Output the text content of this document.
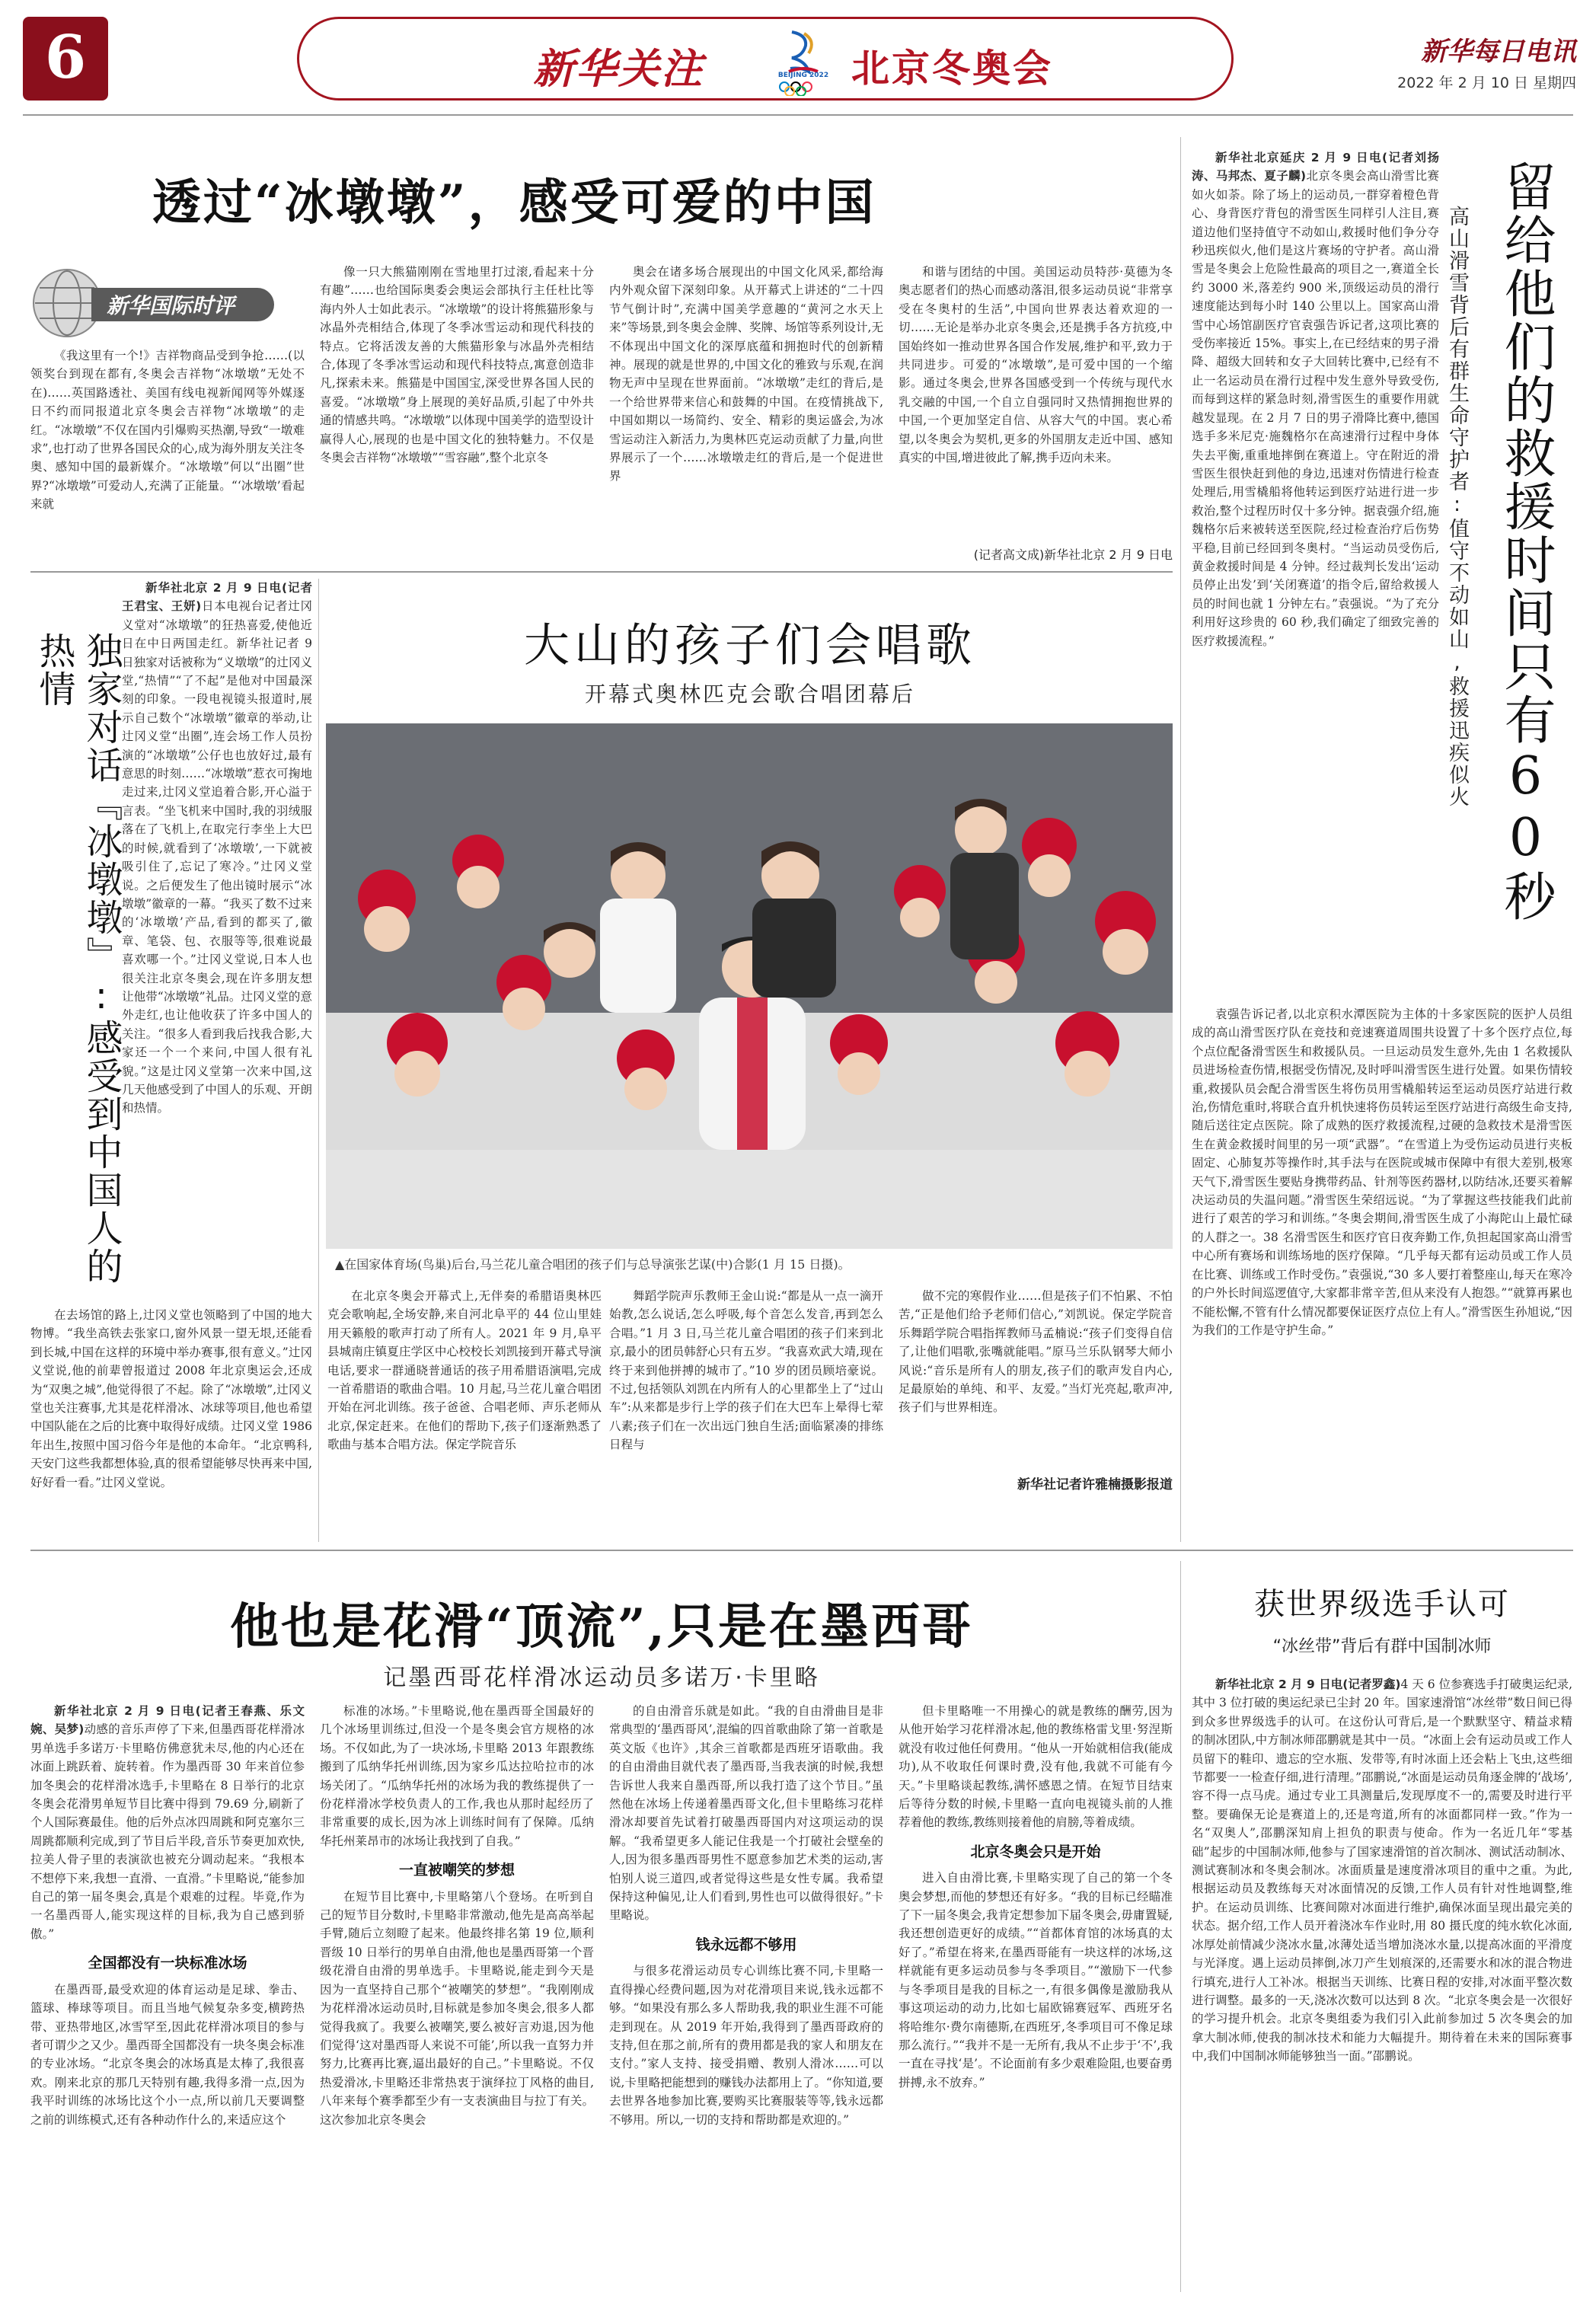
6	新华关注	BEIJING 2022 北京冬奥会	新华每日电讯
2022 年 2 月 10 日 星期四
透过“冰墩墩”，感受可爱的中国
新华国际时评

《我这里有一个!》吉祥物商品受到争抢……(以领奖台到现在都有,冬奥会吉祥物“冰墩墩”无处不在)……英国路透社、美国有线电视新闻网等外媒逐日不约而同报道北京冬奥会吉祥物“冰墩墩”的走红。“冰墩墩”不仅在国内引爆购买热潮,导致“一墩难求”,也打动了世界各国民众的心,成为海外朋友关注冬奥、感知中国的最新媒介。“冰墩墩”何以“出圈”世界?“冰墩墩”可爱动人,充满了正能量。“‘冰墩墩’看起来就

像一只大熊猫刚刚在雪地里打过滚,看起来十分有趣”……也给国际奥委会奥运会部执行主任杜比等海内外人士如此表示。“冰墩墩”的设计将熊猫形象与冰晶外壳相结合,体现了冬季冰雪运动和现代科技的特点。它将活泼友善的大熊猫形象与冰晶外壳相结合,体现了冬季冰雪运动和现代科技特点,寓意创造非凡,探索未来。熊猫是中国国宝,深受世界各国人民的喜爱。“冰墩墩”身上展现的美好品质,引起了中外共通的情感共鸣。“冰墩墩”以体现中国美学的造型设计赢得人心,展现的也是中国文化的独特魅力。不仅是冬奥会吉祥物“冰墩墩”“雪容融”,整个北京冬

奥会在诸多场合展现出的中国文化风采,都给海内外观众留下深刻印象。从开幕式上讲述的“二十四节气倒计时”,充满中国美学意趣的“黄河之水天上来”等场景,到冬奥会金牌、奖牌、场馆等系列设计,无不体现出中国文化的深厚底蕴和拥抱时代的创新精神。展现的就是世界的,中国文化的雅致与乐观,在润物无声中呈现在世界面前。“冰墩墩”走红的背后,是一个给世界带来信心和鼓舞的中国。在疫情挑战下,中国如期以一场简约、安全、精彩的奥运盛会,为冰雪运动注入新活力,为奥林匹克运动贡献了力量,向世界展示了一个……冰墩墩走红的背后,是一个促进世界

和谐与团结的中国。美国运动员特莎·莫德为冬奥志愿者们的热心而感动落泪,很多运动员说“非常享受在冬奥村的生活”,中国向世界表达着欢迎的一切……无论是举办北京冬奥会,还是携手各方抗疫,中国始终如一推动世界各国合作发展,维护和平,致力于共同进步。可爱的“冰墩墩”,是可爱中国的一个缩影。通过冬奥会,世界各国感受到一个传统与现代水乳交融的中国,一个自立自强同时又热情拥抱世界的中国,一个更加坚定自信、从容大气的中国。衷心希望,以冬奥会为契机,更多的外国朋友走近中国、感知真实的中国,增进彼此了解,携手迈向未来。

(记者高文成)新华社北京 2 月 9 日电
独家对话『冰墩墩』:感受到中国人的热情

新华社北京 2 月 9 日电(记者王君宝、王妍)日本电视台记者辻冈义堂对“冰墩墩”的狂热喜爱,使他近日在中日两国走红。新华社记者 9 日独家对话被称为“义墩墩”的辻冈义堂,“热情”“了不起”是他对中国最深刻的印象。一段电视镜头报道时,展示自己数个“冰墩墩”徽章的举动,让辻冈义堂“出圈”,连会场工作人员扮演的“冰墩墩”公仔也也放好过,最有意思的时刻……“冰墩墩”惹衣可掬地走过来,辻冈义堂追着合影,开心溢于言表。“坐飞机来中国时,我的羽绒服落在了飞机上,在取完行李坐上大巴的时候,就看到了‘冰墩墩’,一下就被吸引住了,忘记了寒冷。”辻冈义堂说。之后便发生了他出镜时展示“冰墩墩”徽章的一幕。“我买了数不过来的‘冰墩墩’产品,看到的都买了,徽章、笔袋、包、衣服等等,很难说最喜欢哪一个。”辻冈义堂说,日本人也很关注北京冬奥会,现在许多朋友想让他带“冰墩墩”礼品。辻冈义堂的意外走红,也让他收获了许多中国人的关注。“很多人看到我后找我合影,大家还一个一个来问,中国人很有礼貌。”这是辻冈义堂第一次来中国,这几天他感受到了中国人的乐观、开朗和热情。

在去场馆的路上,辻冈义堂也领略到了中国的地大物博。“我坐高铁去张家口,窗外风景一望无垠,还能看到长城,中国在这样的环境中举办赛事,很有意义。”辻冈义堂说,他的前辈曾报道过 2008 年北京奥运会,还成为“双奥之城”,他觉得很了不起。除了“冰墩墩”,辻冈义堂也关注赛事,尤其是花样滑冰、冰球等项目,他也希望中国队能在之后的比赛中取得好成绩。辻冈义堂 1986 年出生,按照中国习俗今年是他的本命年。“北京鸭科,天安门这些我都想体验,真的很希望能够尽快再来中国,好好看一看。”辻冈义堂说。

大山的孩子们会唱歌
开幕式奥林匹克会歌合唱团幕后
▲在国家体育场(鸟巢)后台,马兰花儿童合唱团的孩子们与总导演张艺谋(中)合影(1 月 15 日摄)。

在北京冬奥会开幕式上,无伴奏的希腊语奥林匹克会歌响起,全场安静,来自河北阜平的 44 位山里娃用天籁般的歌声打动了所有人。2021 年 9 月,阜平县城南庄镇夏庄学区中心校校长刘凯接到开幕式导演电话,要求一群通晓普通话的孩子用希腊语演唱,完成一首希腊语的歌曲合唱。10 月起,马兰花儿童合唱团开始在河北训练。孩子爸爸、合唱老师、声乐老师从北京,保定赶来。在他们的帮助下,孩子们逐渐熟悉了歌曲与基本合唱方法。保定学院音乐

舞蹈学院声乐教师王金山说:“都是从一点一滴开始教,怎么说话,怎么呼吸,每个音怎么发音,再到怎么合唱。”1 月 3 日,马兰花儿童合唱团的孩子们来到北京,最小的团员韩舒心只有五岁。“我喜欢武大靖,现在终于来到他拼搏的城市了。”10 岁的团员顾培豪说。不过,包括领队刘凯在内所有人的心里都坐上了“过山车”:从来都是步行上学的孩子们在大巴车上晕得七荤八素;孩子们在一次出远门独自生活;面临紧凑的排练日程与

做不完的寒假作业……但是孩子们不怕累、不怕苦,“正是他们给予老师们信心,”刘凯说。保定学院音乐舞蹈学院合唱指挥教师马孟楠说:“孩子们变得自信了,让他们唱歌,张嘴就能唱。”原马兰乐队钢琴大师小风说:“音乐是所有人的朋友,孩子们的歌声发自内心,足最原始的单纯、和平、友爱。”当灯光亮起,歌声冲,孩子们与世界相连。

新华社记者许雅楠摄影报道
留给他们的救援时间只有60秒
高山滑雪背后有群生命守护者:值守不动如山,救援迅疾似火

新华社北京延庆 2 月 9 日电(记者刘扬涛、马邦杰、夏子麟)北京冬奥会高山滑雪比赛如火如荼。除了场上的运动员,一群穿着橙色背心、身背医疗背包的滑雪医生同样引人注目,赛道边他们坚持值守不动如山,救援时他们争分夺秒迅疾似火,他们是这片赛场的守护者。高山滑雪是冬奥会上危险性最高的项目之一,赛道全长约 3000 米,落差约 900 米,顶级运动员的滑行速度能达到每小时 140 公里以上。国家高山滑雪中心场馆副医疗官袁强告诉记者,这项比赛的受伤率接近 15%。事实上,在已经结束的男子滑降、超级大回转和女子大回转比赛中,已经有不止一名运动员在滑行过程中发生意外导致受伤,而每到这样的紧急时刻,滑雪医生的重要作用就越发显现。在 2 月 7 日的男子滑降比赛中,德国选手多米尼克·施魏格尔在高速滑行过程中身体失去平衡,重重地摔倒在赛道上。守在附近的滑雪医生很快赶到他的身边,迅速对伤情进行检查处理后,用雪橇船将他转运到医疗站进行进一步救治,整个过程历时仅十多分钟。据袁强介绍,施魏格尔后来被转送至医院,经过检查治疗后伤势平稳,目前已经回到冬奥村。“当运动员受伤后,黄金救援时间是 4 分钟。经过裁判长发出‘运动员停止出发’到‘关闭赛道’的指令后,留给救援人员的时间也就 1 分钟左右。”袁强说。“为了充分利用好这珍贵的 60 秒,我们确定了细致完善的医疗救援流程。”

袁强告诉记者,以北京积水潭医院为主体的十多家医院的医护人员组成的高山滑雪医疗队在竞技和竞速赛道周围共设置了十多个医疗点位,每个点位配备滑雪医生和救援队员。一旦运动员发生意外,先由 1 名救援队员进场检查伤情,根据受伤情况,及时呼叫滑雪医生进行处置。如果伤情较重,救援队员会配合滑雪医生将伤员用雪橇船转运至运动员医疗站进行救治,伤情危重时,将联合直升机快速将伤员转运至医疗站进行高级生命支持,随后送往定点医院。除了成熟的医疗救援流程,过硬的急救技术是滑雪医生在黄金救援时间里的另一项“武器”。“在雪道上为受伤运动员进行夹板固定、心肺复苏等操作时,其手法与在医院或城市保障中有很大差别,极寒天气下,滑雪医生要贴身携带药品、针剂等医药器材,以防结冰,还要买着解决运动员的失温问题。”滑雪医生荣绍远说。“为了掌握这些技能我们此前进行了艰苦的学习和训练。”冬奥会期间,滑雪医生成了小海陀山上最忙碌的人群之一。38 名滑雪医生和医疗官日夜奔勤工作,负担起国家高山滑雪中心所有赛场和训练场地的医疗保障。“几乎每天都有运动员或工作人员在比赛、训练或工作时受伤。”袁强说,“30 多人要打着整座山,每天在寒冷的户外长时间巡逻值守,大家都非常辛苦,但从来没有人抱怨。”“就算再累也不能松懈,不管有什么情况都要保证医疗点位上有人。”滑雪医生孙旭说,“因为我们的工作是守护生命。”

他也是花滑“顶流”,只是在墨西哥
记墨西哥花样滑冰运动员多诺万·卡里略

新华社北京 2 月 9 日电(记者王春燕、乐文婉、吴梦)动感的音乐声停了下来,但墨西哥花样滑冰男单选手多诺万·卡里略仿佛意犹未尽,他的内心还在冰面上跳跃着、旋转着。作为墨西哥 30 年来首位参加冬奥会的花样滑冰选手,卡里略在 8 日举行的北京冬奥会花滑男单短节目比赛中得到 79.69 分,刷新了个人国际赛最佳。他的后外点冰四周跳和阿克塞尔三周跳都顺利完成,到了节目后半段,音乐节奏更加欢快,拉美人骨子里的表演欲也被充分调动起来。“我根本不想停下来,我想一直滑、一直滑。”卡里略说,“能参加自己的第一届冬奥会,真是个艰难的过程。毕竟,作为一名墨西哥人,能实现这样的目标,我为自己感到骄傲。”

全国都没有一块标准冰场

在墨西哥,最受欢迎的体育运动是足球、拳击、篮球、棒球等项目。而且当地气候复杂多变,横跨热带、亚热带地区,冰雪罕至,因此花样滑冰项目的参与者可谓少之又少。墨西哥全国都没有一块冬奥会标准的专业冰场。“北京冬奥会的冰场真是太棒了,我很喜欢。刚来北京的那几天特别有趣,我得多滑一点,因为我平时训练的冰场比这个小一点,所以前几天要调整之前的训练模式,还有各种动作什么的,来适应这个

标准的冰场。”卡里略说,他在墨西哥全国最好的几个冰场里训练过,但没一个是冬奥会官方规格的冰场。不仅如此,为了一块冰场,卡里略 2013 年跟教练搬到了瓜纳华托州训练,因为家乡瓜达拉哈拉市的冰场关闭了。“瓜纳华托州的冰场为我的教练提供了一份花样滑冰学校负责人的工作,我也从那时起经历了非常重要的成长,因为冰上训练时间有了保障。瓜纳华托州莱昂市的冰场让我找到了自我。”

一直被嘲笑的梦想

在短节目比赛中,卡里略第八个登场。在听到自己的短节目分数时,卡里略非常激动,他先是高高举起手臂,随后立刻瞪了起来。他最终排名第 19 位,顺利晋级 10 日举行的男单自由滑,他也是墨西哥第一个晋级花滑自由滑的男单选手。卡里略说,能走到今天是因为一直坚持自己那个“被嘲笑的梦想”。“我刚刚成为花样滑冰运动员时,目标就是参加冬奥会,很多人都觉得我疯了。我要么被嘲笑,要么被好言劝退,因为他们觉得‘这对墨西哥人来说不可能’,所以我一直努力并努力,比赛再比赛,逼出最好的自己。”卡里略说。不仅热爱滑冰,卡里略还非常热衷于演绎拉丁风格的曲目,八年来每个赛季都至少有一支表演曲目与拉丁有关。这次参加北京冬奥会

的自由滑音乐就是如此。“我的自由滑曲目是非常典型的‘墨西哥风’,混编的四首歌曲除了第一首歌是英文版《也许》,其余三首歌都是西班牙语歌曲。我的自由滑曲目就代表了墨西哥,当我表演的时候,我想告诉世人我来自墨西哥,所以我打造了这个节目。”虽然他在冰场上传递着墨西哥文化,但卡里略练习花样滑冰却要首先试着打破墨西哥国内对这项运动的误解。“我希望更多人能记住我是一个打破社会壁垒的人,因为很多墨西哥男性不愿意参加艺术类的运动,害怕别人说三道四,或者觉得这些是女性专属。我希望保持这种偏见,让人们看到,男性也可以做得很好。”卡里略说。

钱永远都不够用

与很多花滑运动员专心训练比赛不同,卡里略一直得操心经费问题,因为对花滑项目来说,钱永远都不够。“如果没有那么多人帮助我,我的职业生涯不可能走到现在。从 2019 年开始,我得到了墨西哥政府的支持,但在那之前,所有的费用都是我的家人和朋友在支付。”家人支持、接受捐赠、教别人滑冰……可以说,卡里略把能想到的赚钱办法都用上了。“你知道,要去世界各地参加比赛,要购买比赛服装等等,钱永远都不够用。所以,一切的支持和帮助都是欢迎的。”

但卡里略唯一不用操心的就是教练的酬劳,因为从他开始学习花样滑冰起,他的教练格雷戈里·努涅斯就没有收过他任何费用。“他从一开始就相信我(能成功),从不收取任何课时费,没有他,我就不可能有今天。”卡里略谈起教练,满怀感恩之情。在短节目结束后等待分数的时候,卡里略一直向电视镜头前的人推荐着他的教练,教练则接着他的肩膀,等着成绩。

北京冬奥会只是开始

进入自由滑比赛,卡里略实现了自己的第一个冬奥会梦想,而他的梦想还有好多。“我的目标已经瞄准了下一届冬奥会,我肯定想参加下届冬奥会,毋庸置疑,我还想创造更好的成绩。”“首都体育馆的冰场真的太好了。”希望在将来,在墨西哥能有一块这样的冰场,这样就能有更多运动员参与冬季项目。”“激励下一代参与冬季项目是我的目标之一,有很多偶像是激励我从事这项运动的动力,比如七届欧锦赛冠军、西班牙名将哈维尔·费尔南德斯,在西班牙,冬季项目可不像足球那么流行。”“我并不是一无所有,我从不止步于‘不’,我一直在寻找‘是’。不论面前有多少艰难险阻,也要奋勇拼搏,永不放弃。”

获世界级选手认可
“冰丝带”背后有群中国制冰师

新华社北京 2 月 9 日电(记者罗鑫)4 天 6 位参赛选手打破奥运纪录,其中 3 位打破的奥运纪录已尘封 20 年。国家速滑馆“冰丝带”数日间已得到众多世界级选手的认可。在这份认可背后,是一个默默坚守、精益求精的制冰团队,中方制冰师邵鹏就是其中一员。“冰面上会有运动员或工作人员留下的鞋印、遗忘的空水瓶、发带等,有时冰面上还会粘上飞虫,这些细节都要一一检查仔细,进行清理。”邵鹏说,“冰面是运动员角逐金牌的‘战场’,容不得一点马虎。通过专业工具测量后,发现厚度不一的,需要及时进行平整。要确保无论是赛道上的,还是弯道,所有的冰面都同样一致。”作为一名“双奥人”,邵鹏深知肩上担负的职责与使命。作为一名近几年“零基础”起步的中国制冰师,他参与了国家速滑馆的首次制冰、测试活动制冰、测试赛制冰和冬奥会制冰。冰面质量是速度滑冰项目的重中之重。为此,根据运动员及教练每天对冰面情况的反馈,工作人员有针对性地调整,维护。在运动员训练、比赛间隙对冰面进行维护,确保冰面呈现出最完美的状态。据介绍,工作人员开着浇冰车作业时,用 80 摄氏度的纯水软化冰面,冰厚处前情减少浇冰水量,冰薄处适当增加浇冰水量,以提高冰面的平滑度与光泽度。遇上运动员摔倒,冰刀产生划痕深的,还需要水和冰的混合物进行填充,进行人工补冰。根据当天训练、比赛日程的安排,对冰面平整次数进行调整。最多的一天,浇冰次数可以达到 8 次。“北京冬奥会是一次很好的学习提升机会。北京冬奥组委为我们引入此前参加过 5 次冬奥会的加拿大制冰师,使我的制冰技术和能力大幅提升。期待着在未来的国际赛事中,我们中国制冰师能够独当一面。”邵鹏说。
